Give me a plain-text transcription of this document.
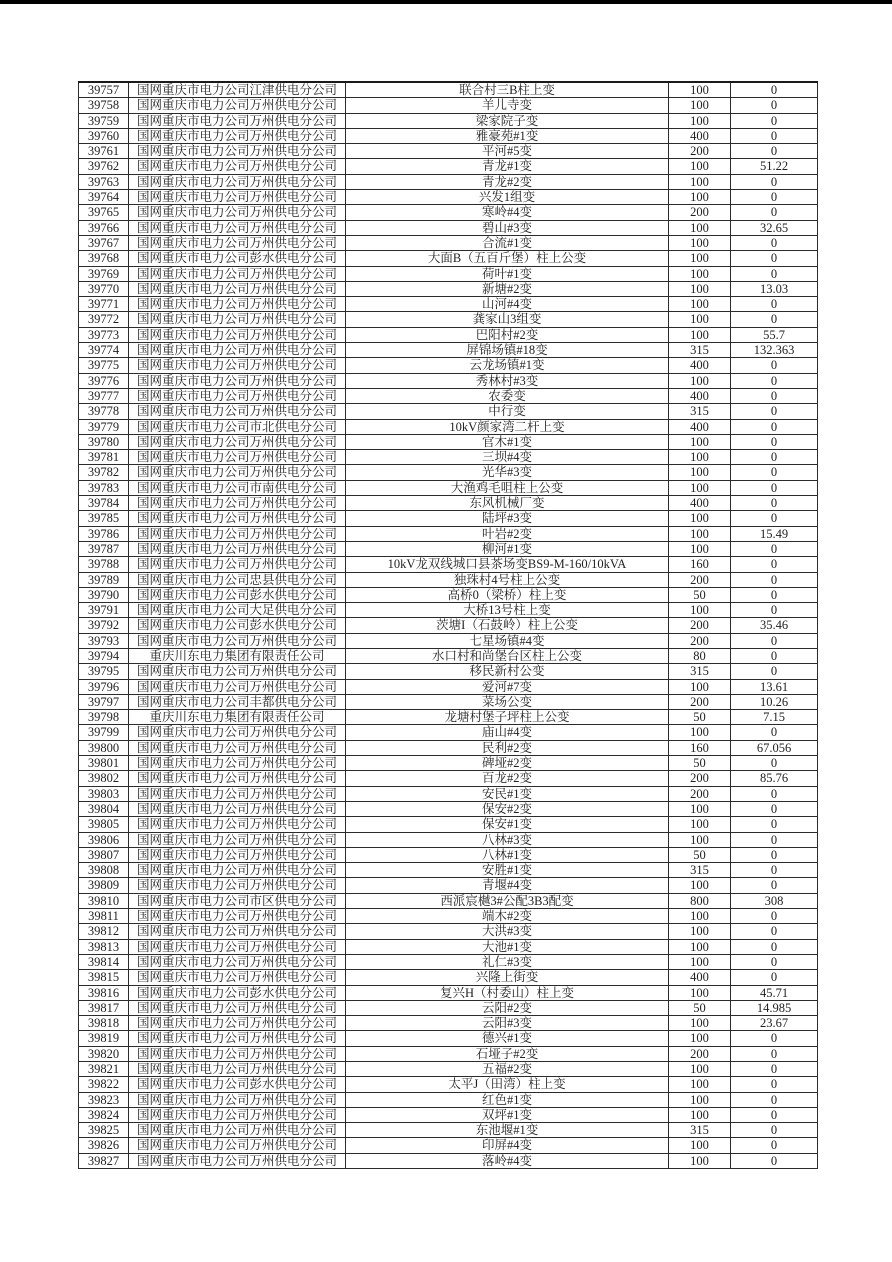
39757	国网重庆市电力公司江津供电分公司	联合村三B柱上变	100	0
39758	国网重庆市电力公司万州供电分公司	羊儿寺变	100	0
39759	国网重庆市电力公司万州供电分公司	梁家院子变	100	0
39760	国网重庆市电力公司万州供电分公司	雅豪苑#1变	400	0
39761	国网重庆市电力公司万州供电分公司	平河#5变	200	0
39762	国网重庆市电力公司万州供电分公司	青龙#1变	100	51.22
39763	国网重庆市电力公司万州供电分公司	青龙#2变	100	0
39764	国网重庆市电力公司万州供电分公司	兴发1组变	100	0
39765	国网重庆市电力公司万州供电分公司	寒岭#4变	200	0
39766	国网重庆市电力公司万州供电分公司	碧山#3变	100	32.65
39767	国网重庆市电力公司万州供电分公司	合流#1变	100	0
39768	国网重庆市电力公司彭水供电分公司	大面B（五百斤堡）柱上公变	100	0
39769	国网重庆市电力公司万州供电分公司	荷叶#1变	100	0
39770	国网重庆市电力公司万州供电分公司	新塘#2变	100	13.03
39771	国网重庆市电力公司万州供电分公司	山河#4变	100	0
39772	国网重庆市电力公司万州供电分公司	龚家山3组变	100	0
39773	国网重庆市电力公司万州供电分公司	巴阳村#2变	100	55.7
39774	国网重庆市电力公司万州供电分公司	屏锦场镇#18变	315	132.363
39775	国网重庆市电力公司万州供电分公司	云龙场镇#1变	400	0
39776	国网重庆市电力公司万州供电分公司	秀林村#3变	100	0
39777	国网重庆市电力公司万州供电分公司	农委变	400	0
39778	国网重庆市电力公司万州供电分公司	中行变	315	0
39779	国网重庆市电力公司市北供电分公司	10kV颜家湾二杆上变	400	0
39780	国网重庆市电力公司万州供电分公司	官木#1变	100	0
39781	国网重庆市电力公司万州供电分公司	三坝#4变	100	0
39782	国网重庆市电力公司万州供电分公司	光华#3变	100	0
39783	国网重庆市电力公司市南供电分公司	大渔鸡毛咀柱上公变	100	0
39784	国网重庆市电力公司万州供电分公司	东风机械厂变	400	0
39785	国网重庆市电力公司万州供电分公司	陆坪#3变	100	0
39786	国网重庆市电力公司万州供电分公司	叶岩#2变	100	15.49
39787	国网重庆市电力公司万州供电分公司	柳河#1变	100	0
39788	国网重庆市电力公司万州供电分公司	10kV龙双线城口县茶场变BS9-M-160/10kVA	160	0
39789	国网重庆市电力公司忠县供电分公司	独珠村4号柱上公变	200	0
39790	国网重庆市电力公司彭水供电分公司	高桥0（梁桥）柱上变	50	0
39791	国网重庆市电力公司大足供电分公司	大桥13号柱上变	100	0
39792	国网重庆市电力公司彭水供电分公司	茨塘I（石鼓岭）柱上公变	200	35.46
39793	国网重庆市电力公司万州供电分公司	七星场镇#4变	200	0
39794	重庆川东电力集团有限责任公司	水口村和尚堡台区柱上公变	80	0
39795	国网重庆市电力公司万州供电分公司	移民新村公变	315	0
39796	国网重庆市电力公司万州供电分公司	爱河#7变	100	13.61
39797	国网重庆市电力公司丰都供电分公司	菜场公变	200	10.26
39798	重庆川东电力集团有限责任公司	龙塘村堡子坪柱上公变	50	7.15
39799	国网重庆市电力公司万州供电分公司	庙山#4变	100	0
39800	国网重庆市电力公司万州供电分公司	民利#2变	160	67.056
39801	国网重庆市电力公司万州供电分公司	碑垭#2变	50	0
39802	国网重庆市电力公司万州供电分公司	百龙#2变	200	85.76
39803	国网重庆市电力公司万州供电分公司	安民#1变	200	0
39804	国网重庆市电力公司万州供电分公司	保安#2变	100	0
39805	国网重庆市电力公司万州供电分公司	保安#1变	100	0
39806	国网重庆市电力公司万州供电分公司	八林#3变	100	0
39807	国网重庆市电力公司万州供电分公司	八林#1变	50	0
39808	国网重庆市电力公司万州供电分公司	安胜#1变	315	0
39809	国网重庆市电力公司万州供电分公司	青堰#4变	100	0
39810	国网重庆市电力公司市区供电分公司	西派宸樾3#公配3B3配变	800	308
39811	国网重庆市电力公司万州供电分公司	端木#2变	100	0
39812	国网重庆市电力公司万州供电分公司	大洪#3变	100	0
39813	国网重庆市电力公司万州供电分公司	大池#1变	100	0
39814	国网重庆市电力公司万州供电分公司	礼仁#3变	100	0
39815	国网重庆市电力公司万州供电分公司	兴隆上街变	400	0
39816	国网重庆市电力公司彭水供电分公司	复兴H（村委山）柱上变	100	45.71
39817	国网重庆市电力公司万州供电分公司	云阳#2变	50	14.985
39818	国网重庆市电力公司万州供电分公司	云阳#3变	100	23.67
39819	国网重庆市电力公司万州供电分公司	德兴#1变	100	0
39820	国网重庆市电力公司万州供电分公司	石垭子#2变	200	0
39821	国网重庆市电力公司万州供电分公司	五福#2变	100	0
39822	国网重庆市电力公司彭水供电分公司	太平J（田湾）柱上变	100	0
39823	国网重庆市电力公司万州供电分公司	红色#1变	100	0
39824	国网重庆市电力公司万州供电分公司	双坪#1变	100	0
39825	国网重庆市电力公司万州供电分公司	东池堰#1变	315	0
39826	国网重庆市电力公司万州供电分公司	印屏#4变	100	0
39827	国网重庆市电力公司万州供电分公司	落岭#4变	100	0
